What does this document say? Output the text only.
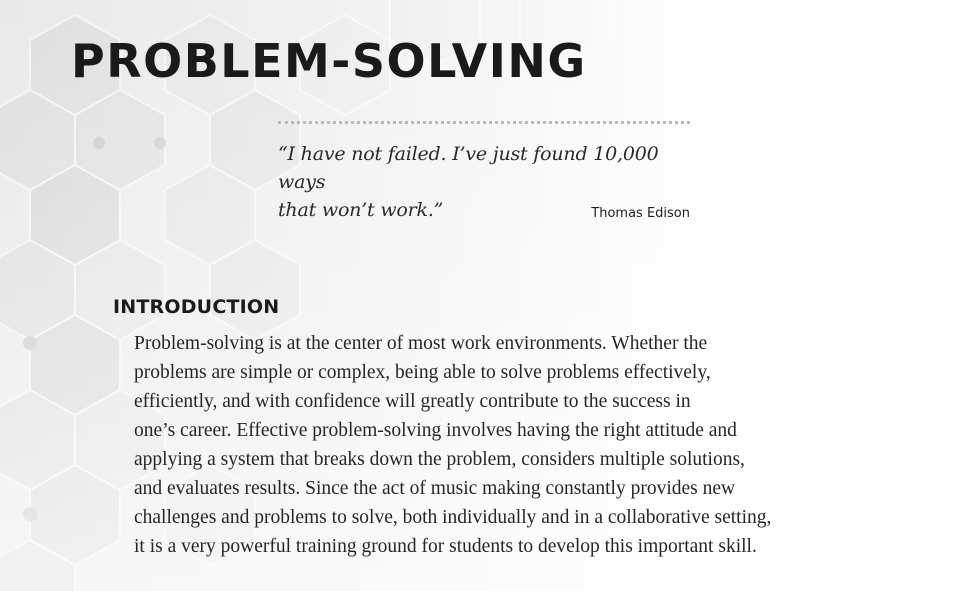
PROBLEM-SOLVING

“I have not failed. I’ve just found 10,000 ways
that won’t work.”	Thomas Edison
INTRODUCTION

Problem-solving is at the center of most work environments. Whether the
problems are simple or complex, being able to solve problems effectively,
efficiently, and with confidence will greatly contribute to the success in
one’s career. Effective problem-solving involves having the right attitude and
applying a system that breaks down the problem, considers multiple solutions,
and evaluates results. Since the act of music making constantly provides new
challenges and problems to solve, both individually and in a collaborative setting,
it is a very powerful training ground for students to develop this important skill.
